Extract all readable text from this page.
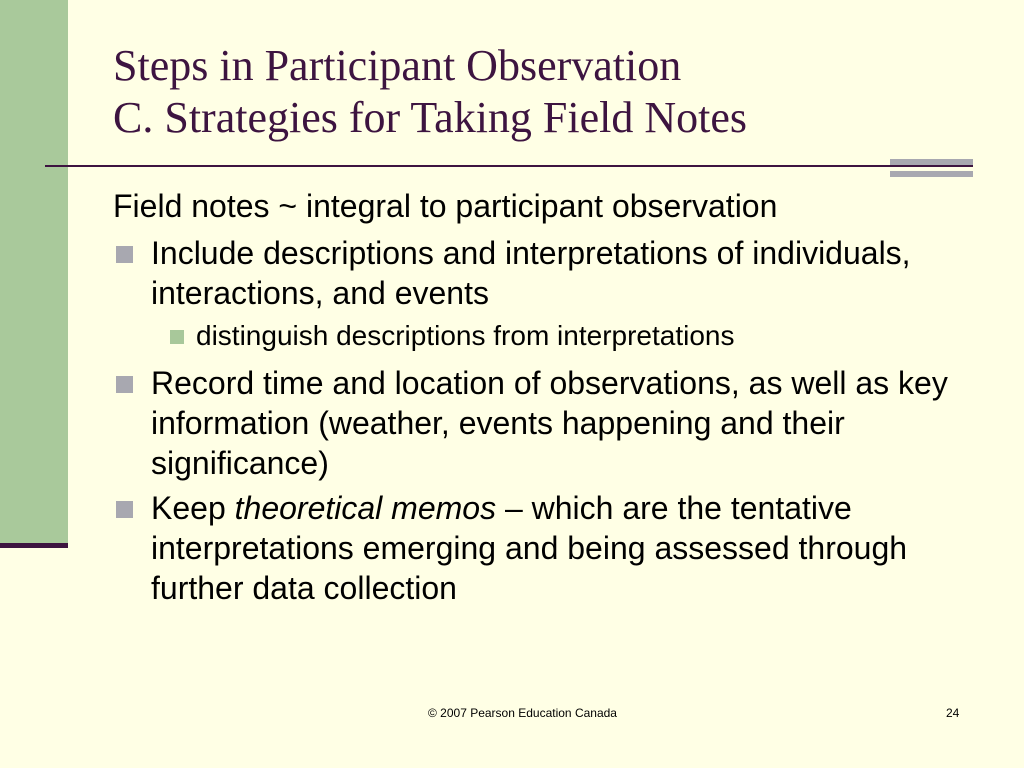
Steps in Participant Observation
C. Strategies for Taking Field Notes
Field notes ~ integral to participant observation
Include descriptions and interpretations of individuals, interactions, and events
distinguish descriptions from interpretations
Record time and location of observations, as well as key information (weather, events happening and their significance)
Keep theoretical memos – which are the tentative interpretations emerging and being assessed through further data collection
© 2007 Pearson Education Canada	24
